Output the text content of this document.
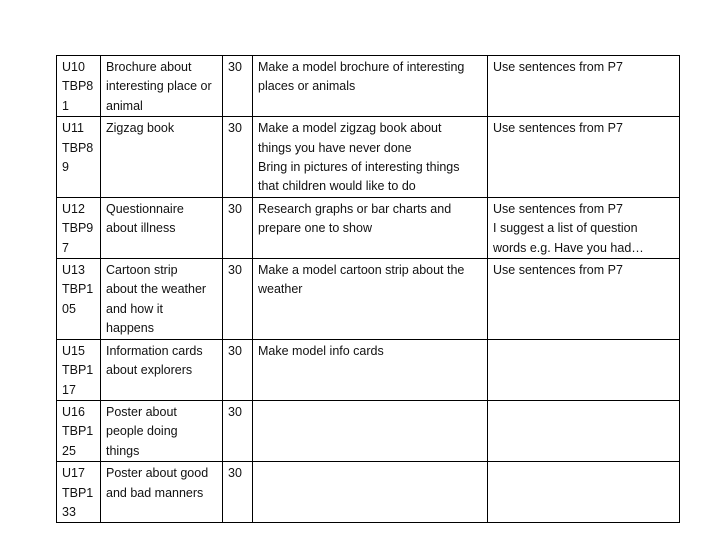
U10
TBP8
1	Brochure about
interesting place or
animal	30	Make a model brochure of interesting
places or animals	Use sentences from P7

U11
TBP8
9	Zigzag book	30	Make a model zigzag book about
things you have never done
Bring in pictures of interesting things
that children would like to do	Use sentences from P7

U12
TBP9
7	Questionnaire
about illness	30	Research graphs or bar charts and
prepare one to show	Use sentences from P7
I suggest a list of question
words e.g. Have you had…

U13
TBP1
05	Cartoon strip
about the weather
and how it
happens	30	Make a model cartoon strip about the
weather	Use sentences from P7

U15
TBP1
17	Information cards
about explorers	30	Make model info cards	

U16
TBP1
25	Poster about
people doing
things	30		

U17
TBP1
33	Poster about good
and bad manners	30		
